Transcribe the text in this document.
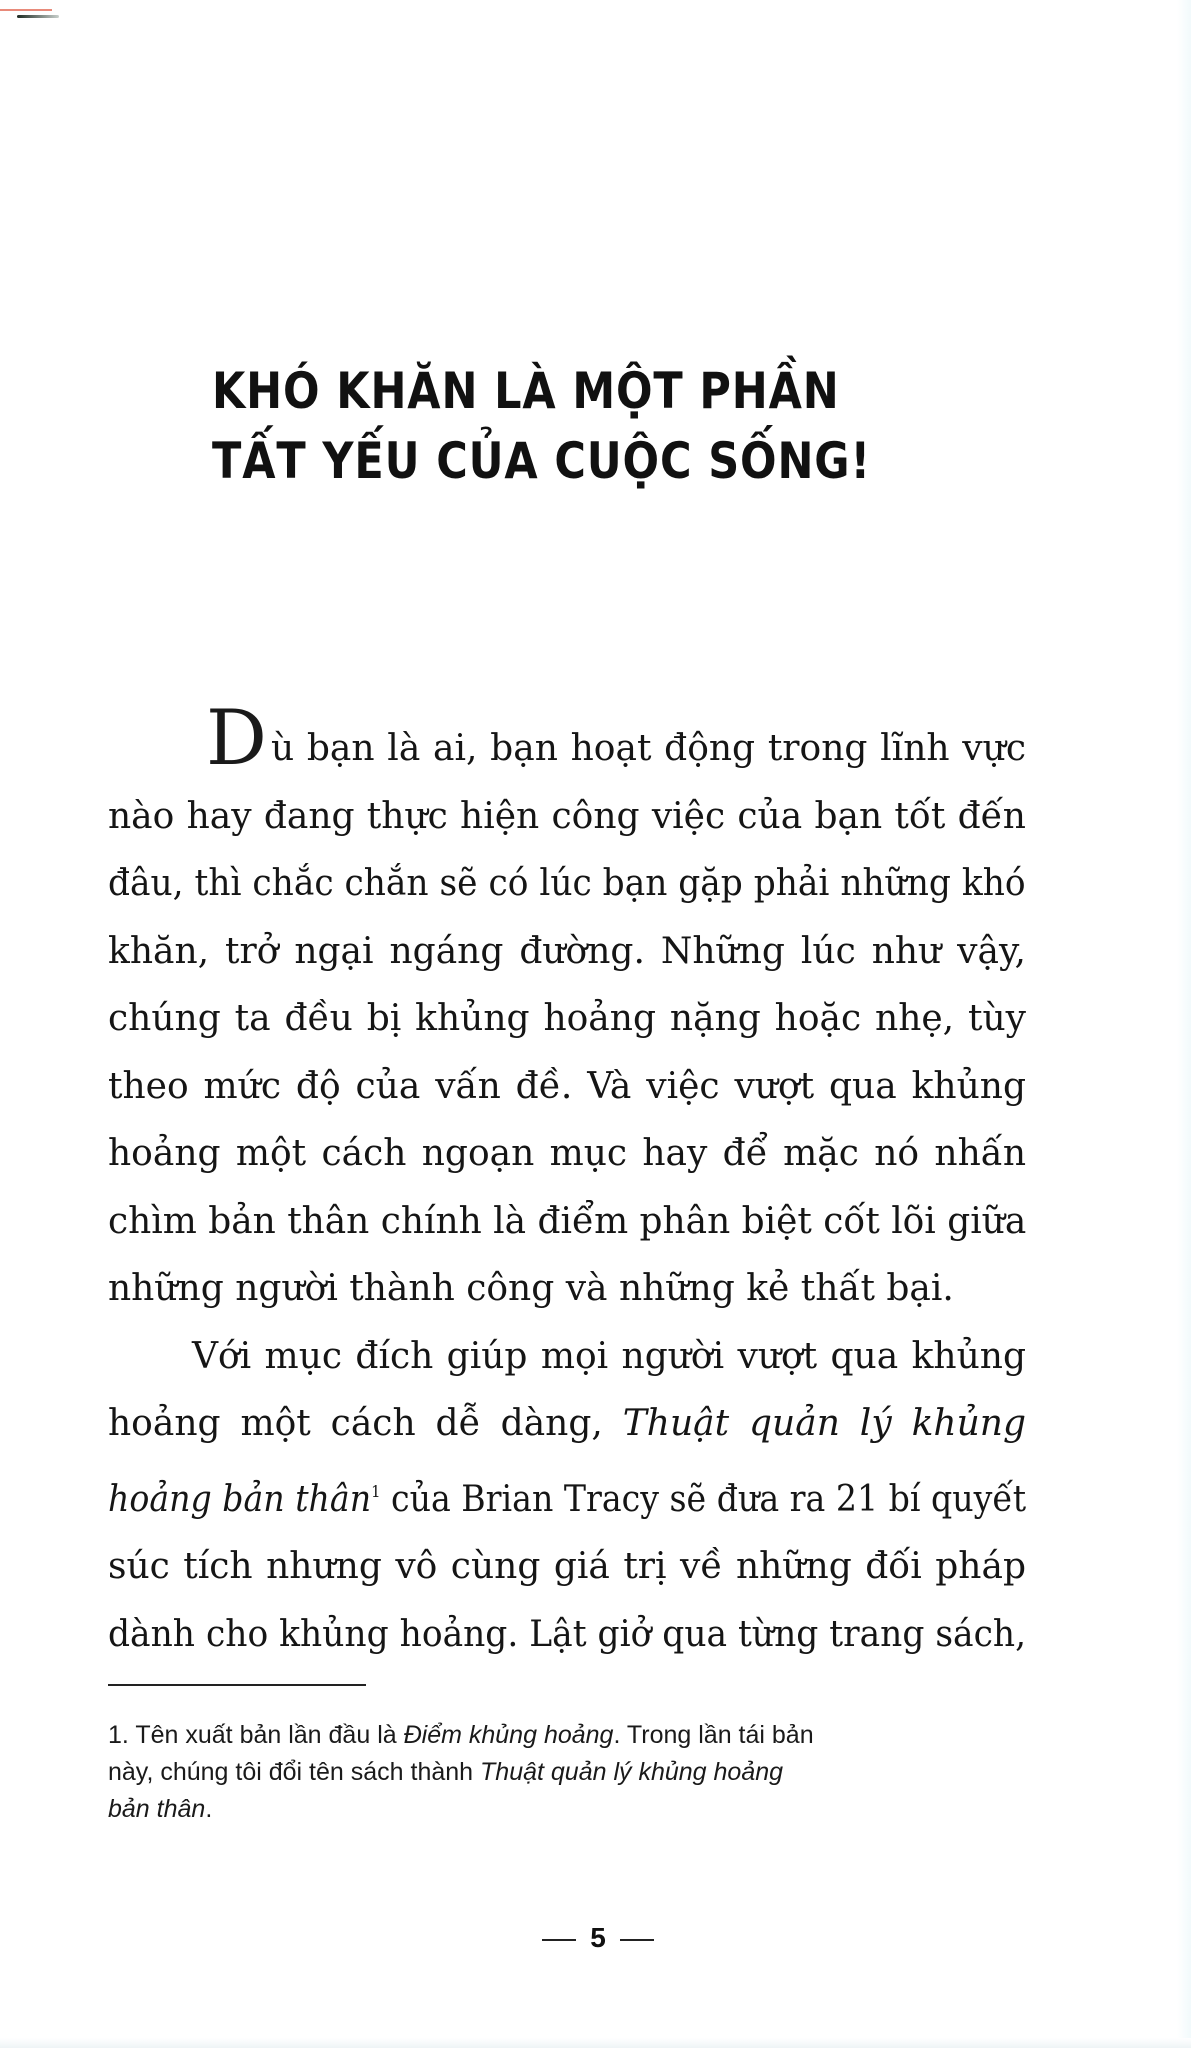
KHÓ KHĂN LÀ MỘT PHẦN
TẤT YẾU CỦA CUỘC SỐNG!
Dù bạn là ai, bạn hoạt động trong lĩnh vực
nào hay đang thực hiện công việc của bạn tốt đến
đâu, thì chắc chắn sẽ có lúc bạn gặp phải những khó
khăn, trở ngại ngáng đường. Những lúc như vậy,
chúng ta đều bị khủng hoảng nặng hoặc nhẹ, tùy
theo mức độ của vấn đề. Và việc vượt qua khủng
hoảng một cách ngoạn mục hay để mặc nó nhấn
chìm bản thân chính là điểm phân biệt cốt lõi giữa
những người thành công và những kẻ thất bại.
Với mục đích giúp mọi người vượt qua khủng
hoảng một cách dễ dàng, Thuật quản lý khủng
hoảng bản thân$^1$ của Brian Tracy sẽ đưa ra 21 bí quyết
súc tích nhưng vô cùng giá trị về những đối pháp
dành cho khủng hoảng. Lật giở qua từng trang sách,
1. Tên xuất bản lần đầu là Điểm khủng hoảng. Trong lần tái bản
này, chúng tôi đổi tên sách thành Thuật quản lý khủng hoảng
bản thân.
5
